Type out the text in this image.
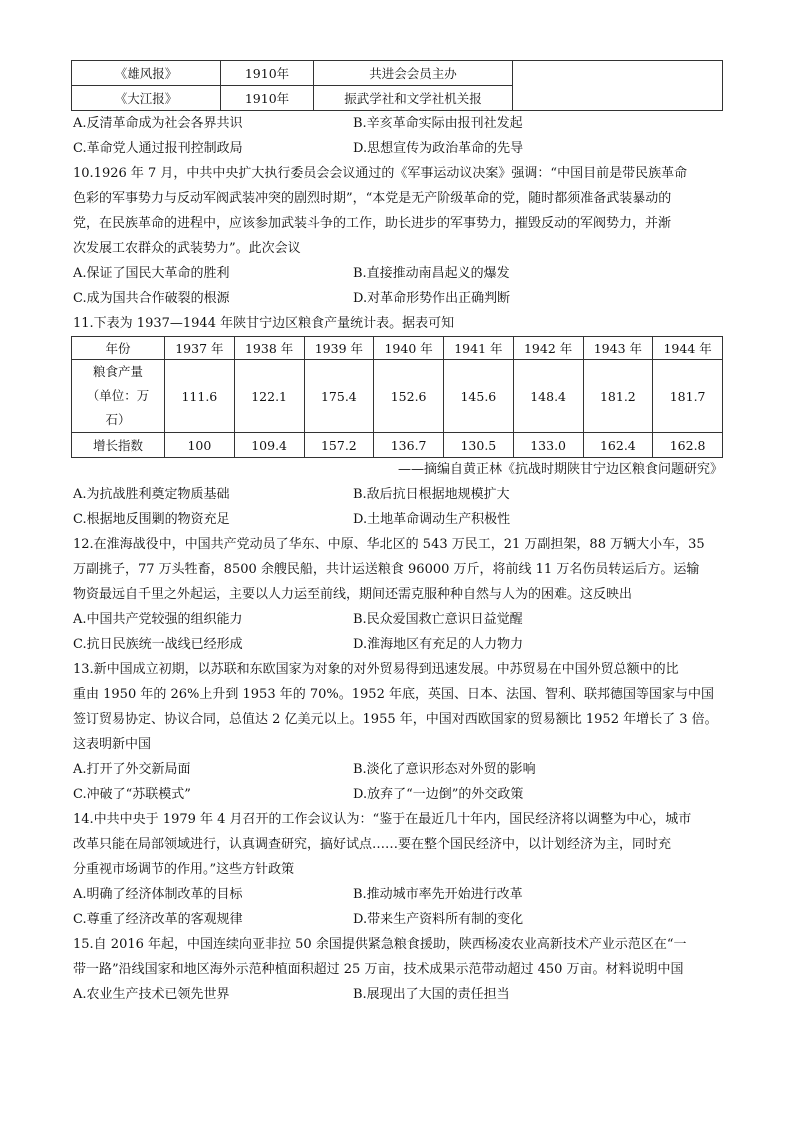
《雄风报》	1910年	共进会会员主办	
《大江报》	1910年	振武学社和文学社机关报	
A.反清革命成为社会各界共识	B.辛亥革命实际由报刊社发起
C.革命党人通过报刊控制政局	D.思想宣传为政治革命的先导
10.1926 年 7 月，中共中央扩大执行委员会会议通过的《军事运动议决案》强调：“中国目前是带民族革命
色彩的军事势力与反动军阀武装冲突的剧烈时期”，“本党是无产阶级革命的党，随时都须准备武装暴动的
党，在民族革命的进程中，应该参加武装斗争的工作，助长进步的军事势力，摧毁反动的军阀势力，并渐
次发展工农群众的武装势力”。此次会议
A.保证了国民大革命的胜利	B.直接推动南昌起义的爆发
C.成为国共合作破裂的根源	D.对革命形势作出正确判断
11.下表为 1937—1944 年陕甘宁边区粮食产量统计表。据表可知
年份	1937 年	1938 年	1939 年	1940 年	1941 年	1942 年	1943 年	1944 年

粮食产量
（单位：万
石）	111.6	122.1	175.4	152.6	145.6	148.4	181.2	181.7
增长指数	100	109.4	157.2	136.7	130.5	133.0	162.4	162.8
——摘编自黄正林《抗战时期陕甘宁边区粮食问题研究》
A.为抗战胜利奠定物质基础	B.敌后抗日根据地规模扩大
C.根据地反围剿的物资充足	D.土地革命调动生产积极性
12.在淮海战役中，中国共产党动员了华东、中原、华北区的 543 万民工，21 万副担架，88 万辆大小车，35
万副挑子，77 万头牲畜，8500 余艘民船，共计运送粮食 96000 万斤，将前线 11 万名伤员转运后方。运输
物资最远自千里之外起运，主要以人力运至前线，期间还需克服种种自然与人为的困难。这反映出
A.中国共产党较强的组织能力	B.民众爱国救亡意识日益觉醒
C.抗日民族统一战线已经形成	D.淮海地区有充足的人力物力
13.新中国成立初期，以苏联和东欧国家为对象的对外贸易得到迅速发展。中苏贸易在中国外贸总额中的比
重由 1950 年的 26%上升到 1953 年的 70%。1952 年底，英国、日本、法国、智利、联邦德国等国家与中国
签订贸易协定、协议合同，总值达 2 亿美元以上。1955 年，中国对西欧国家的贸易额比 1952 年增长了 3 倍。
这表明新中国
A.打开了外交新局面	B.淡化了意识形态对外贸的影响
C.冲破了“苏联模式”	D.放弃了“一边倒”的外交政策
14.中共中央于 1979 年 4 月召开的工作会议认为：“鉴于在最近几十年内，国民经济将以调整为中心，城市
改革只能在局部领域进行，认真调查研究，搞好试点……要在整个国民经济中，以计划经济为主，同时充
分重视市场调节的作用。”这些方针政策
A.明确了经济体制改革的目标	B.推动城市率先开始进行改革
C.尊重了经济改革的客观规律	D.带来生产资料所有制的变化
15.自 2016 年起，中国连续向亚非拉 50 余国提供紧急粮食援助，陕西杨凌农业高新技术产业示范区在“一
带一路”沿线国家和地区海外示范种植面积超过 25 万亩，技术成果示范带动超过 450 万亩。材料说明中国
A.农业生产技术已领先世界	B.展现出了大国的责任担当
